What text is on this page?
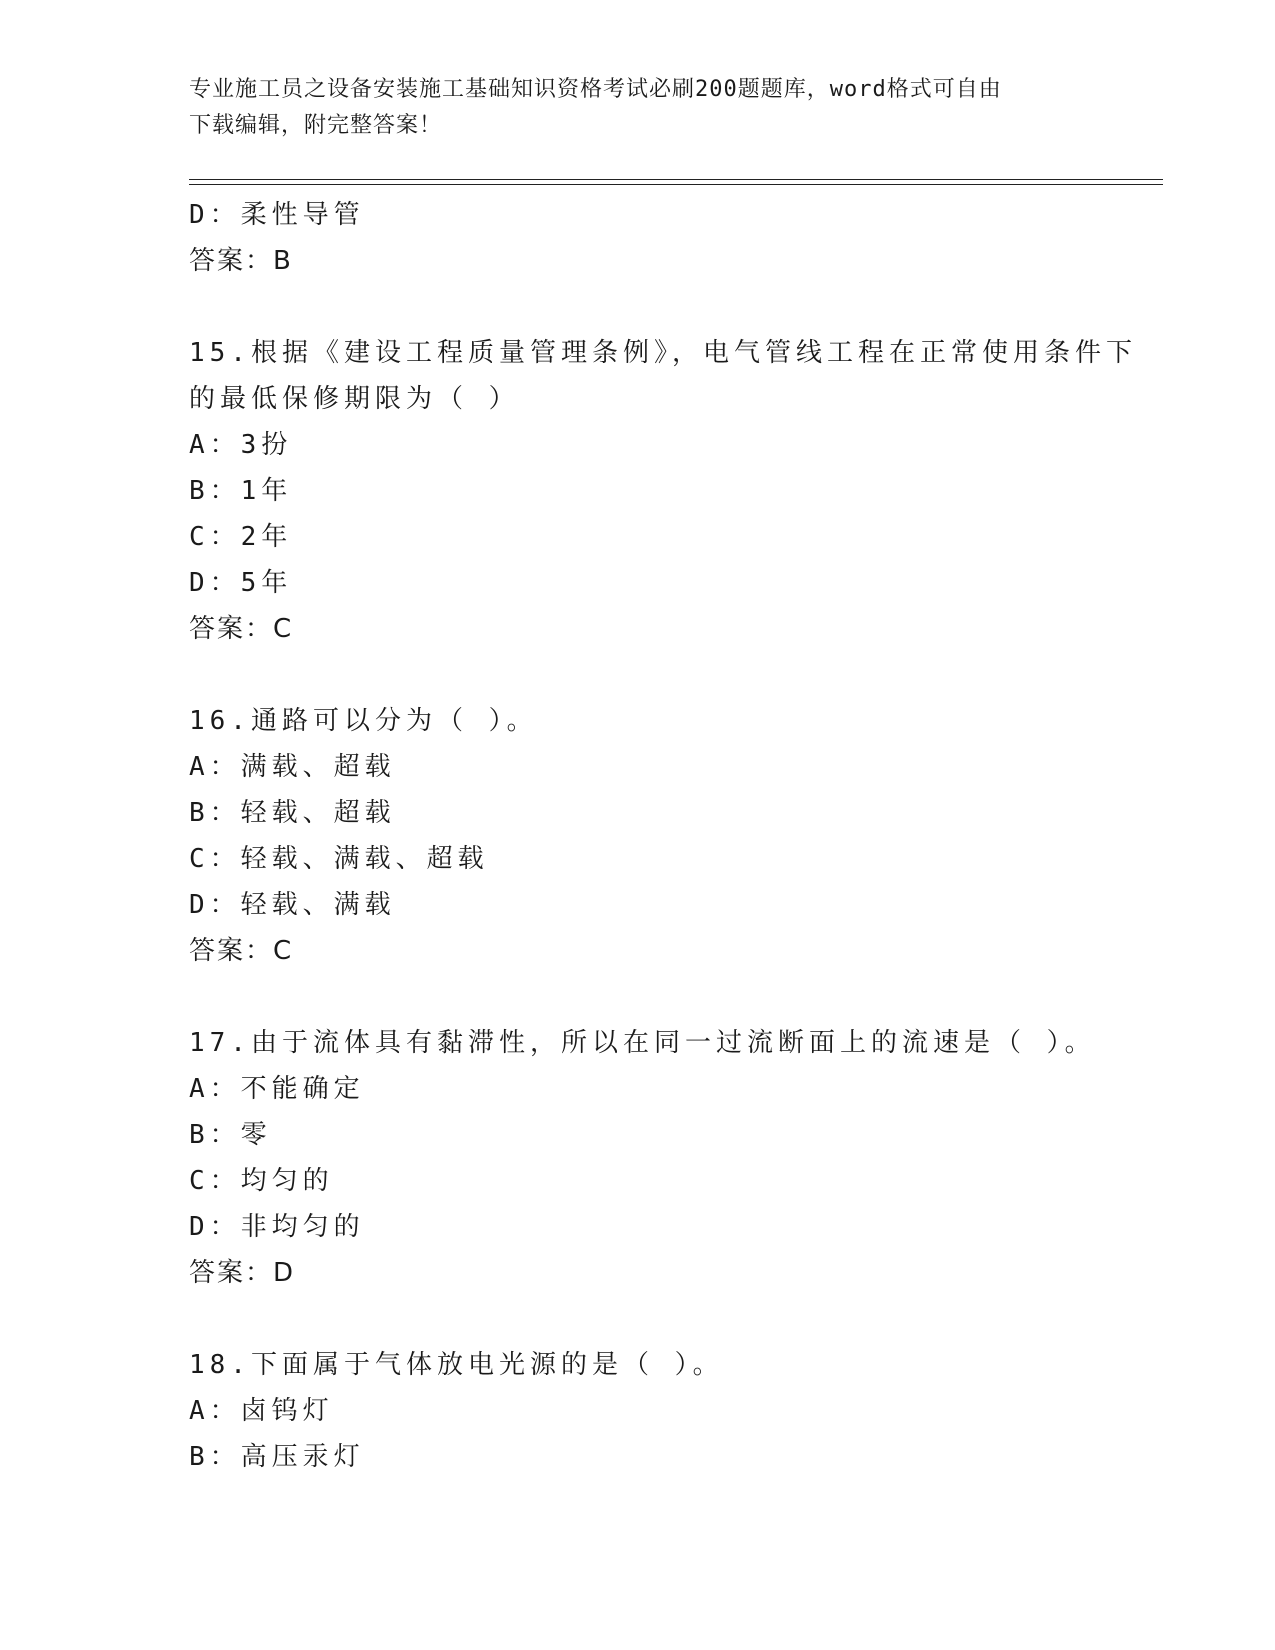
专业施工员之设备安装施工基础知识资格考试必刷200题题库，word格式可自由
下载编辑，附完整答案！
D：柔性导管
答案：B
15.根据《建设工程质量管理条例》，电气管线工程在正常使用条件下
的最低保修期限为（ ）
A：3扮
B：1年
C：2年
D：5年
答案：C
16.通路可以分为（ ）。
A：满载、超载
B：轻载、超载
C：轻载、满载、超载
D：轻载、满载
答案：C
17.由于流体具有黏滞性，所以在同一过流断面上的流速是（ ）。
A：不能确定
B：零
C：均匀的
D：非均匀的
答案：D
18.下面属于气体放电光源的是（ ）。
A：卤钨灯
B：高压汞灯
